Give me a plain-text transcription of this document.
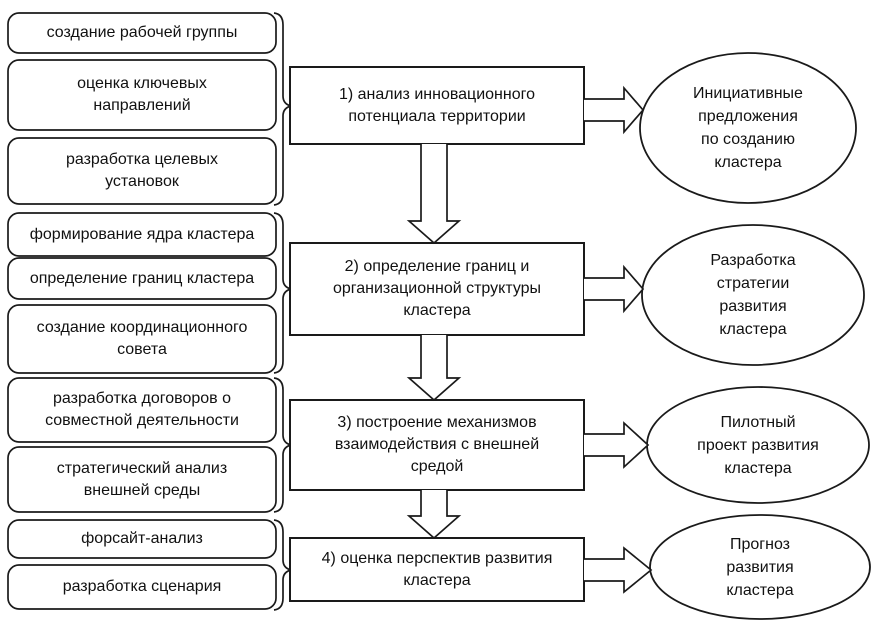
создание рабочей группы
оценка ключевых
направлений
разработка целевых
установок
1) анализ инновационного
потенциала территории
Инициативные
предложения
по созданию
кластера
формирование ядра кластера
определение границ кластера
создание координационного
совета
2) определение границ и
организационной структуры
кластера
Разработка
стратегии
развития
кластера
разработка договоров о
совместной деятельности
стратегический анализ
внешней среды
3) построение механизмов
взаимодействия с внешней
средой
Пилотный
проект развития
кластера
форсайт-анализ
разработка сценария
4) оценка перспектив развития
кластера
Прогноз
развития
кластера
